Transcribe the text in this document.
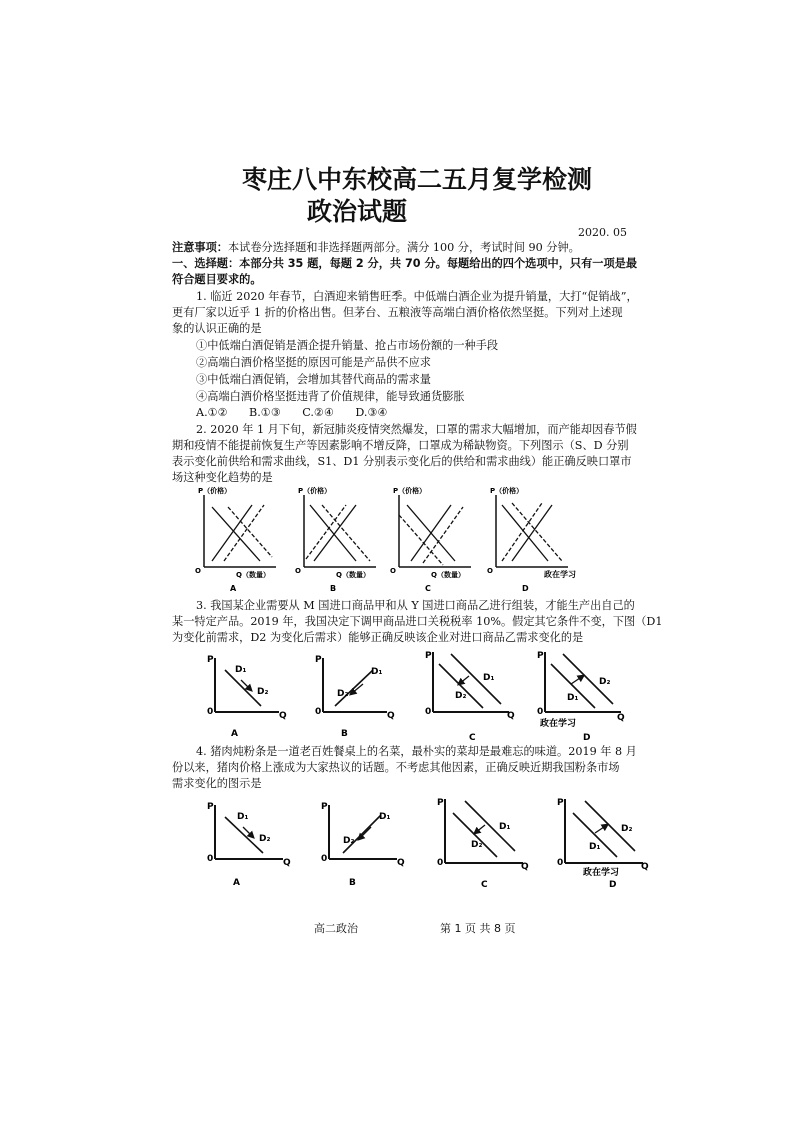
枣庄八中东校高二五月复学检测
政治试题
2020. 05
注意事项：本试卷分选择题和非选择题两部分。满分 100 分，考试时间 90 分钟。
一、选择题：本部分共 35 题，每题 2 分，共 70 分。每题给出的四个选项中，只有一项是最
符合题目要求的。
1. 临近 2020 年春节，白酒迎来销售旺季。中低端白酒企业为提升销量，大打“促销战”，
更有厂家以近乎 1 折的价格出售。但茅台、五粮液等高端白酒价格依然坚挺。下列对上述现
象的认识正确的是
①中低端白酒促销是酒企提升销量、抢占市场份额的一种手段
②高端白酒价格坚挺的原因可能是产品供不应求
③中低端白酒促销，会增加其替代商品的需求量
④高端白酒价格坚挺违背了价值规律，能导致通货膨胀
A.①②      B.①③      C.②④      D.③④
2. 2020 年 1 月下旬，新冠肺炎疫情突然爆发，口罩的需求大幅增加，而产能却因春节假
期和疫情不能提前恢复生产等因素影响不增反降，口罩成为稀缺物资。下列图示（S、D 分别
表示变化前供给和需求曲线，S1、D1 分别表示变化后的供给和需求曲线）能正确反映口罩市
场这种变化趋势的是
P（价格）
Q（数量）
O
A
P（价格）
Q（数量）
O
B
P（价格）
Q（数量）
O
C
P（价格）
O
D
政在学习
3. 我国某企业需要从 M 国进口商品甲和从 Y 国进口商品乙进行组装，才能生产出自己的
某一特定产品。2019 年，我国决定下调甲商品进口关税税率 10%。假定其它条件不变，下图（D1
为变化前需求，D2 为变化后需求）能够正确反映该企业对进口商品乙需求变化的是
P
Q
0
D₁
D₂
A
P
Q
0
D₁
D₂
B
P
Q
0
D₁
D₂
C
P
Q
0
D₂
D₁
D
政在学习
4. 猪肉炖粉条是一道老百姓餐桌上的名菜，最朴实的菜却是最难忘的味道。2019 年 8 月
份以来，猪肉价格上涨成为大家热议的话题。不考虑其他因素，正确反映近期我国粉条市场
需求变化的图示是
P
Q
0
D₁
D₂
A
P
Q
0
D₁
D₂
B
P
Q
0
D₁
D₂
C
P
Q
0
D₂
D₁
D
政在学习
高二政治	第 1 页 共 8 页
